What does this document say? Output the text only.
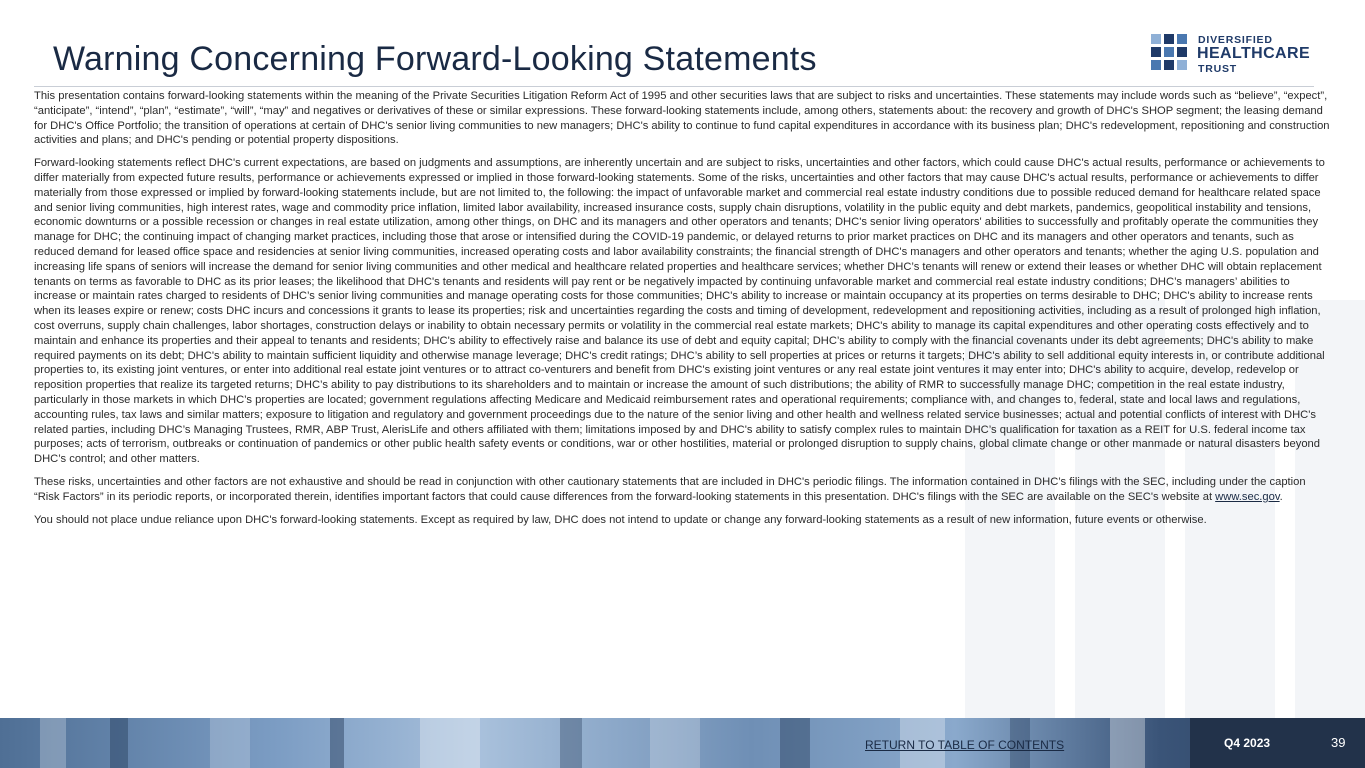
Warning Concerning Forward-Looking Statements	DIVERSIFIED
HEALTHCARE
TRUST

This presentation contains forward-looking statements within the meaning of the Private Securities Litigation Reform Act of 1995 and other securities laws that are subject to risks and uncertainties. These statements may include words such as “believe”, “expect”, “anticipate”, “intend”, “plan”, “estimate”, “will”, “may” and negatives or derivatives of these or similar expressions. These forward-looking statements include, among others, statements about: the recovery and growth of DHC's SHOP segment; the leasing demand for DHC's Office Portfolio; the transition of operations at certain of DHC's senior living communities to new managers; DHC's ability to continue to fund capital expenditures in accordance with its business plan; DHC's redevelopment, repositioning and construction activities and plans; and DHC's pending or potential property dispositions.

Forward-looking statements reflect DHC's current expectations, are based on judgments and assumptions, are inherently uncertain and are subject to risks, uncertainties and other factors, which could cause DHC's actual results, performance or achievements to differ materially from expected future results, performance or achievements expressed or implied in those forward-looking statements. Some of the risks, uncertainties and other factors that may cause DHC's actual results, performance or achievements to differ materially from those expressed or implied by forward-looking statements include, but are not limited to, the following: the impact of unfavorable market and commercial real estate industry conditions due to possible reduced demand for healthcare related space and senior living communities, high interest rates, wage and commodity price inflation, limited labor availability, increased insurance costs, supply chain disruptions, volatility in the public equity and debt markets, pandemics, geopolitical instability and tensions, economic downturns or a possible recession or changes in real estate utilization, among other things, on DHC and its managers and other operators and tenants; DHC's senior living operators' abilities to successfully and profitably operate the communities they manage for DHC; the continuing impact of changing market practices, including those that arose or intensified during the COVID-19 pandemic, or delayed returns to prior market practices on DHC and its managers and other operators and tenants, such as reduced demand for leased office space and residencies at senior living communities, increased operating costs and labor availability constraints; the financial strength of DHC's managers and other operators and tenants; whether the aging U.S. population and increasing life spans of seniors will increase the demand for senior living communities and other medical and healthcare related properties and healthcare services; whether DHC’s tenants will renew or extend their leases or whether DHC will obtain replacement tenants on terms as favorable to DHC as its prior leases; the likelihood that DHC's tenants and residents will pay rent or be negatively impacted by continuing unfavorable market and commercial real estate industry conditions; DHC’s managers’ abilities to increase or maintain rates charged to residents of DHC’s senior living communities and manage operating costs for those communities; DHC's ability to increase or maintain occupancy at its properties on terms desirable to DHC; DHC's ability to increase rents when its leases expire or renew; costs DHC incurs and concessions it grants to lease its properties; risk and uncertainties regarding the costs and timing of development, redevelopment and repositioning activities, including as a result of prolonged high inflation, cost overruns, supply chain challenges, labor shortages, construction delays or inability to obtain necessary permits or volatility in the commercial real estate markets; DHC's ability to manage its capital expenditures and other operating costs effectively and to maintain and enhance its properties and their appeal to tenants and residents; DHC's ability to effectively raise and balance its use of debt and equity capital; DHC’s ability to comply with the financial covenants under its debt agreements; DHC's ability to make required payments on its debt; DHC's ability to maintain sufficient liquidity and otherwise manage leverage; DHC's credit ratings; DHC’s ability to sell properties at prices or returns it targets; DHC's ability to sell additional equity interests in, or contribute additional properties to, its existing joint ventures, or enter into additional real estate joint ventures or to attract co-venturers and benefit from DHC's existing joint ventures or any real estate joint ventures it may enter into; DHC's ability to acquire, develop, redevelop or reposition properties that realize its targeted returns; DHC’s ability to pay distributions to its shareholders and to maintain or increase the amount of such distributions; the ability of RMR to successfully manage DHC; competition in the real estate industry, particularly in those markets in which DHC’s properties are located; government regulations affecting Medicare and Medicaid reimbursement rates and operational requirements; compliance with, and changes to, federal, state and local laws and regulations, accounting rules, tax laws and similar matters; exposure to litigation and regulatory and government proceedings due to the nature of the senior living and other health and wellness related service businesses; actual and potential conflicts of interest with DHC's related parties, including DHC’s Managing Trustees, RMR, ABP Trust, AlerisLife and others affiliated with them; limitations imposed by and DHC's ability to satisfy complex rules to maintain DHC’s qualification for taxation as a REIT for U.S. federal income tax purposes; acts of terrorism, outbreaks or continuation of pandemics or other public health safety events or conditions, war or other hostilities, material or prolonged disruption to supply chains, global climate change or other manmade or natural disasters beyond DHC’s control; and other matters.

These risks, uncertainties and other factors are not exhaustive and should be read in conjunction with other cautionary statements that are included in DHC's periodic filings. The information contained in DHC’s filings with the SEC, including under the caption “Risk Factors” in its periodic reports, or incorporated therein, identifies important factors that could cause differences from the forward-looking statements in this presentation. DHC's filings with the SEC are available on the SEC's website at www.sec.gov.

You should not place undue reliance upon DHC's forward-looking statements. Except as required by law, DHC does not intend to update or change any forward-looking statements as a result of new information, future events or otherwise.

RETURN TO TABLE OF CONTENTS	Q4 2023	39
